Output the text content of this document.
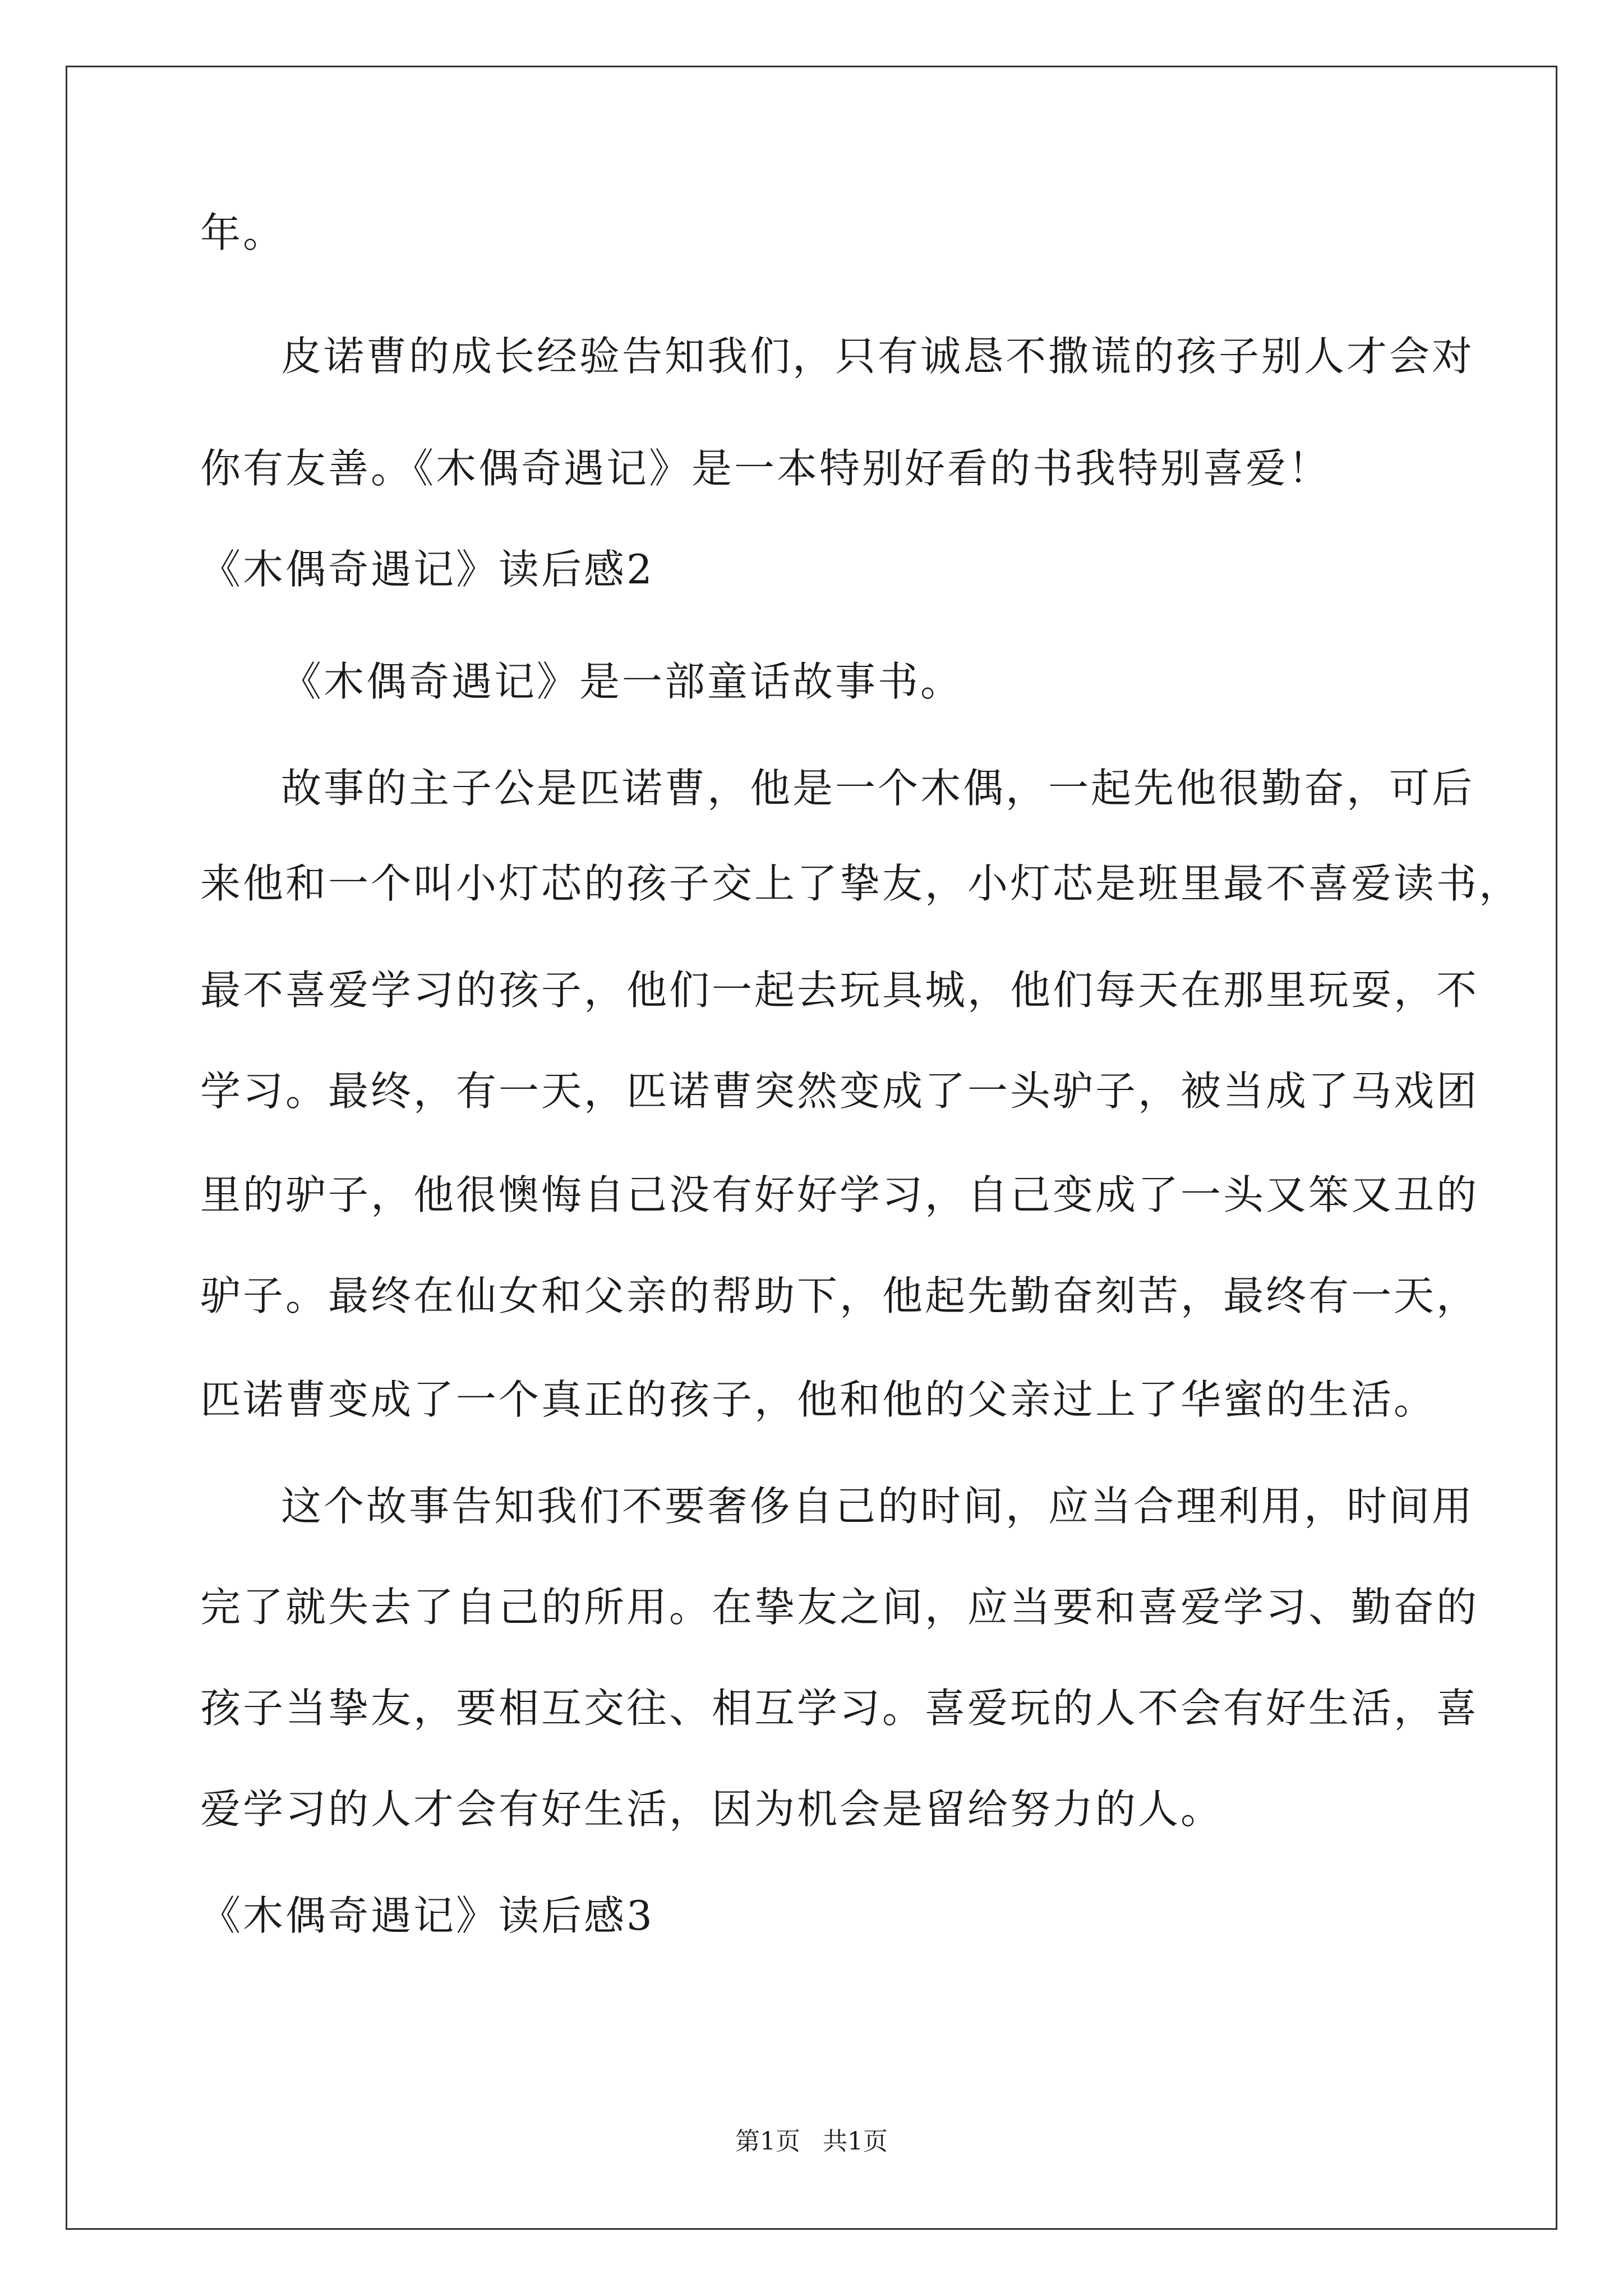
年。
皮诺曹的成长经验告知我们，只有诚恳不撒谎的孩子别人才会对
你有友善。《木偶奇遇记》是一本特别好看的书我特别喜爱！
《木偶奇遇记》读后感2
《木偶奇遇记》是一部童话故事书。
故事的主子公是匹诺曹，他是一个木偶，一起先他很勤奋，可后
来他和一个叫小灯芯的孩子交上了挚友，小灯芯是班里最不喜爱读书，
最不喜爱学习的孩子，他们一起去玩具城，他们每天在那里玩耍，不
学习。最终，有一天，匹诺曹突然变成了一头驴子，被当成了马戏团
里的驴子，他很懊悔自己没有好好学习，自己变成了一头又笨又丑的
驴子。最终在仙女和父亲的帮助下，他起先勤奋刻苦，最终有一天，
匹诺曹变成了一个真正的孩子，他和他的父亲过上了华蜜的生活。
这个故事告知我们不要奢侈自己的时间，应当合理利用，时间用
完了就失去了自己的所用。在挚友之间，应当要和喜爱学习、勤奋的
孩子当挚友，要相互交往、相互学习。喜爱玩的人不会有好生活，喜
爱学习的人才会有好生活，因为机会是留给努力的人。
《木偶奇遇记》读后感3
第1页 共1页
